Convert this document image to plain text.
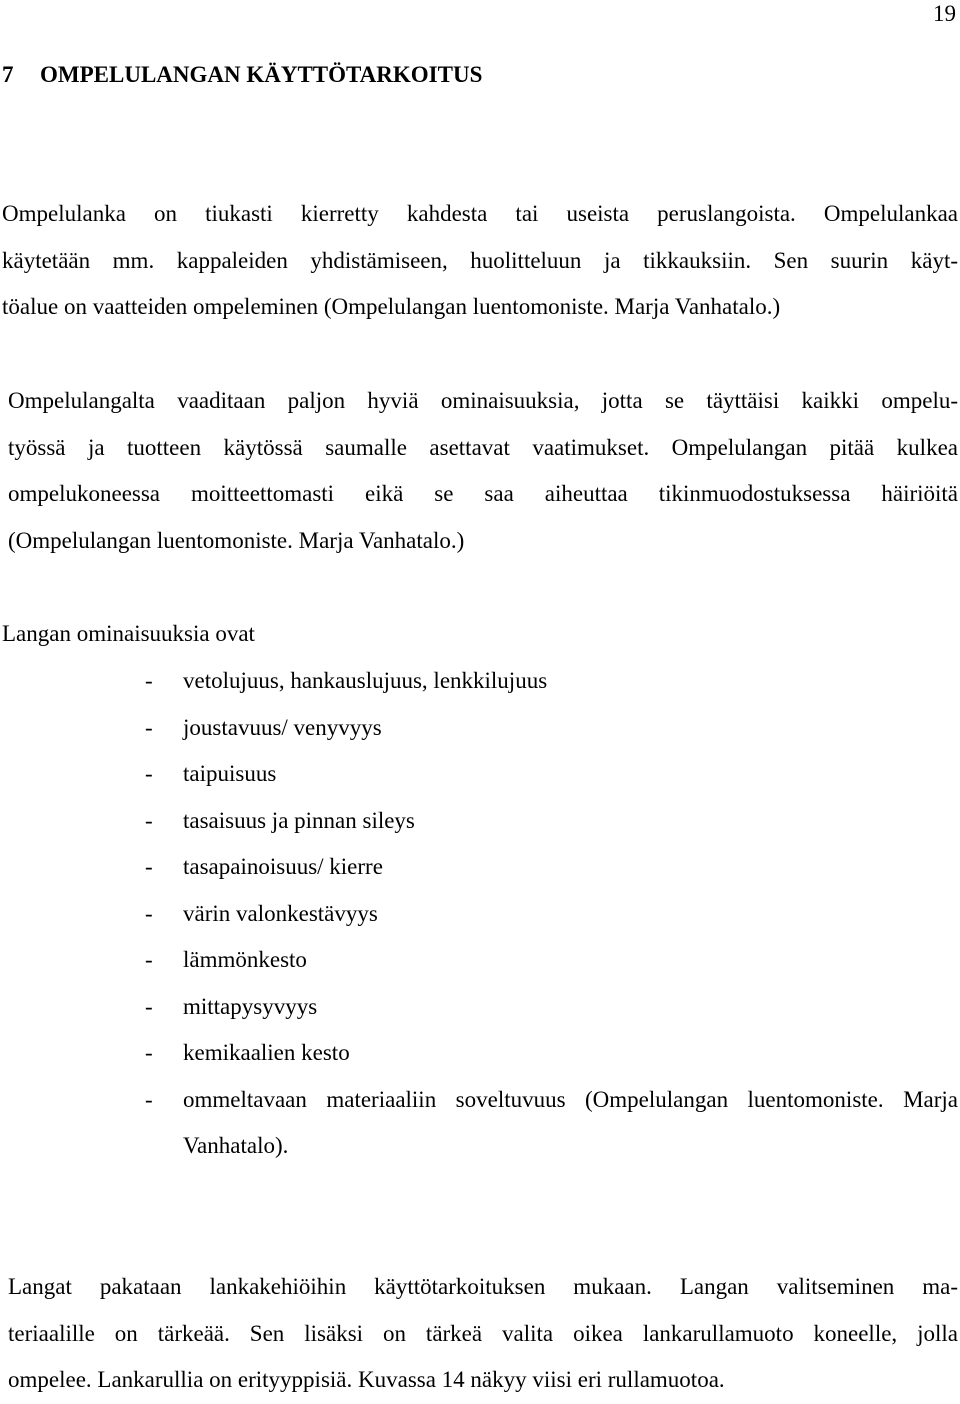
19
7 OMPELULANGAN KÄYTTÖTARKOITUS

Ompelulanka on tiukasti kierretty kahdesta tai useista peruslangoista. Ompelulankaa
käytetään mm. kappaleiden yhdistämiseen, huolitteluun ja tikkauksiin. Sen suurin käyt-
töalue on vaatteiden ompeleminen (Ompelulangan luentomoniste. Marja Vanhatalo.)

Ompelulangalta vaaditaan paljon hyviä ominaisuuksia, jotta se täyttäisi kaikki ompelu-
työssä ja tuotteen käytössä saumalle asettavat vaatimukset. Ompelulangan pitää kulkea
ompelukoneessa moitteettomasti eikä se saa aiheuttaa tikinmuodostuksessa häiriöitä
(Ompelulangan luentomoniste. Marja Vanhatalo.)

Langan ominaisuuksia ovat

- vetolujuus, hankauslujuus, lenkkilujuus
- joustavuus/ venyvyys
- taipuisuus
- tasaisuus ja pinnan sileys
- tasapainoisuus/ kierre
- värin valonkestävyys
- lämmönkesto
- mittapysyvyys
- kemikaalien kesto
- ommeltavaan materiaaliin soveltuvuus (Ompelulangan luentomoniste. Marja Vanhatalo).

Langat pakataan lankakehiöihin käyttötarkoituksen mukaan. Langan valitseminen ma-
teriaalille on tärkeää. Sen lisäksi on tärkeä valita oikea lankarullamuoto koneelle, jolla
ompelee. Lankarullia on erityyppisiä. Kuvassa 14 näkyy viisi eri rullamuotoa.
